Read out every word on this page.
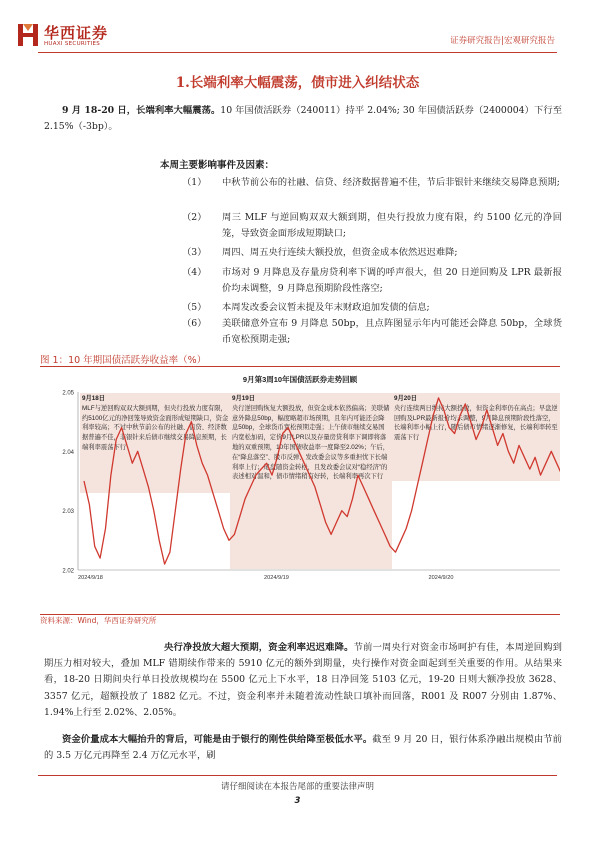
华西证券
HUAXI SECURITIES	证券研究报告|宏观研究报告
1.长端利率大幅震荡，债市进入纠结状态
9 月 18-20 日，长端利率大幅震荡。10 年国债活跃券（240011）持平 2.04%; 30 年国债活跃券（2400004）下行至 2.15%（-3bp）。
本周主要影响事件及因素：
（1） 中秋节前公布的社融、信贷、经济数据普遍不佳，节后非银针来继续交易降息预期;
（2） 周三 MLF 与逆回购双双大额到期，但央行投放力度有限，约 5100 亿元的净回笼，导致资金面形成短期缺口;
（3） 周四、周五央行连续大额投放，但资金成本依然迟迟难降;
（4） 市场对 9 月降息及存量房贷利率下调的呼声很大，但 20 日逆回购及 LPR 最新报价均未调整，9 月降息预期阶段性落空;
（5） 本周发改委会议暂未提及年末财政追加发债的信息;
（6） 美联储意外宣布 9 月降息 50bp，且点阵图显示年内可能还会降息 50bp，全球货币宽松预期走强;
图 1：10 年期国债活跃券收益率（%）
9月第3周10年国债活跃券走势回顾
9月18日
MLF与逆回购双双大额到期，但央行投放力度有限，约5100亿元的净回笼导致资金面形成短期缺口，资金利率较高；不过中秋节前公布的社融、信贷、经济数据普遍不佳，非银针来后债市继续交易降息预期，长端利率震荡下行
9月19日
央行逆回购恢复大额投放，但资金成本依然偏高；美联储意外降息50bp，幅度略超市场预期，且年内可能还会降息50bp，全球货币宽松预期走强；上午债市继续交易国内宽松加码，定价9月LPR以及存量房贷利率下调即将落地的双重预期，10年国债收益率一度降至2.02%；午后，在“降息落空”、股市反弹、发改委会议等多重担忧下长端利率上行；尾盘随资金转松，且发改委会议对“稳经济”的表述相对温和，债市情绪稍有好转，长端利率再次下行
9月20日
央行连续两日维持大额投放，但资金利率仍在高点；早盘逆回购及LPR最新报价均未调整，9月降息预期阶段性落空，长端利率小幅上行，随后债市情绪逐渐修复，长端利率转至震荡下行
2.05
2.04
2.03
2.02
2024/9/18	2024/9/19	2024/9/20
资料来源：Wind，华西证券研究所
央行净投放大超大预期，资金利率迟迟难降。节前一周央行对资金市场呵护有佳，本周逆回购到期压力相对较大，叠加 MLF 错期续作带来的 5910 亿元的额外到期量，央行操作对资金面起到至关重要的作用。从结果来看，18-20 日期间央行单日投放规模均在 5500 亿元上下水平，18 日净回笼 5103 亿元，19-20 日则大额净投放 3628、3357 亿元，超额投放了 1882 亿元。不过，资金利率并未随着流动性缺口填补而回落，R001 及 R007 分别由 1.87%、1.94%上行至 2.02%、2.05%。
资金价量成本大幅抬升的背后，可能是由于银行的刚性供给降至极低水平。截至 9 月 20 日，银行体系净融出规模由节前的 3.5 万亿元再降至 2.4 万亿元水平，刷
请仔细阅读在本报告尾部的重要法律声明
3
